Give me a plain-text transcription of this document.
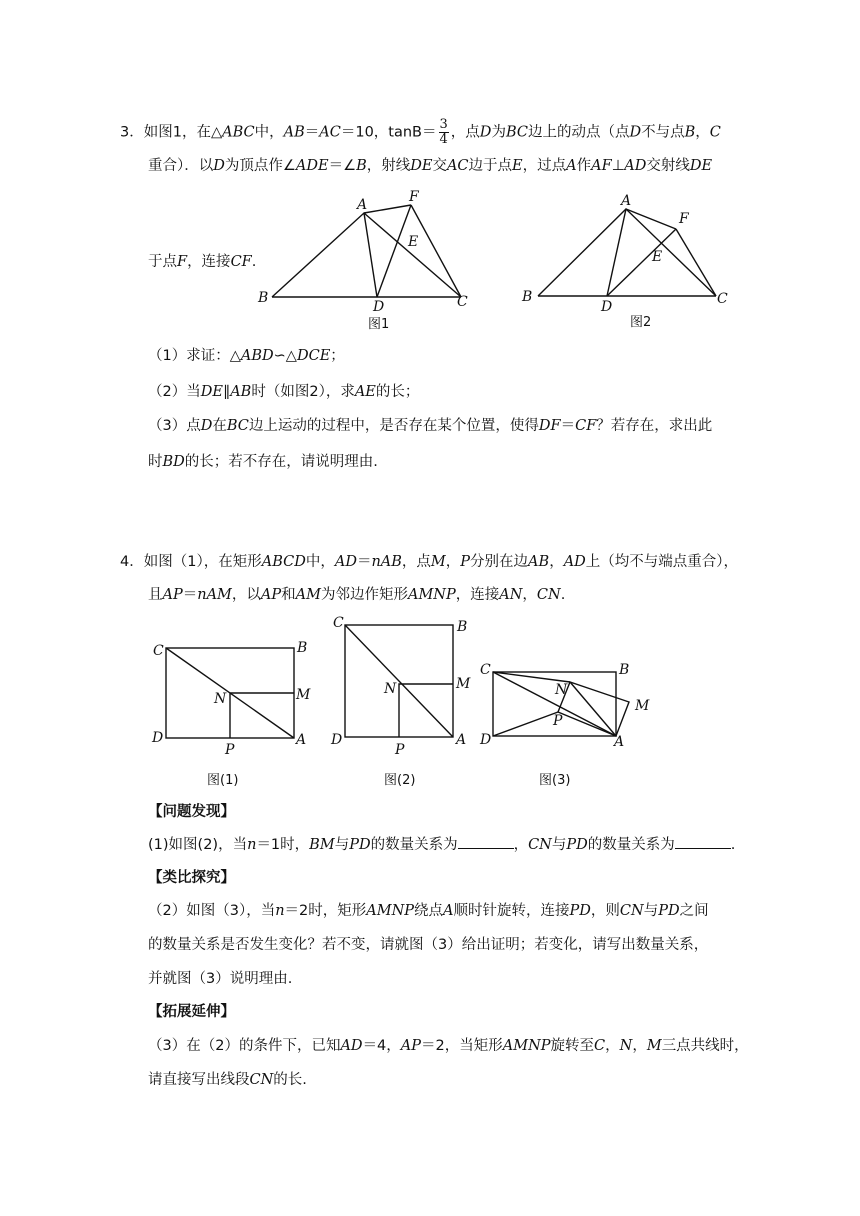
3．如图1，在△ABC中，AB＝AC＝10，$\tan B= \frac{3}{4}$ ，点D为BC边上的动点（点D不与点B，C
重合）．以D为顶点作∠ADE＝∠B，射线DE交AC边于点E，过点A作AF⊥AD交射线DE
于点F，连接CF.
A
B	C
D
E
F
图1
A
B	C
D
E
F
图2
C	B
M
N
D
P
A
图(1)
C	B
M
N
D
P
A
图(2)
C	B
M
N
D
P
A
图(3)
（1）求证：△ABD∽△DCE；
（2）当DE∥AB时（如图2），求AE的长；
（3）点D在BC边上运动的过程中，是否存在某个位置，使得DF＝CF？若存在，求出此
时BD的长；若不存在，请说明理由.
4．如图（1），在矩形ABCD中，AD＝nAB，点M，P分别在边AB，AD上（均不与端点重合），
且AP＝nAM，以AP和AM为邻边作矩形AMNP，连接AN，CN.
【问题发现】
(1)如图(2)，当n＝1时，BM与PD的数量关系为	，CN与PD的数量关系为	.
【类比探究】
（2）如图（3），当n＝2时，矩形AMNP绕点A顺时针旋转，连接PD，则CN与PD之间
的数量关系是否发生变化？若不变，请就图（3）给出证明；若变化，请写出数量关系，
并就图（3）说明理由.
【拓展延伸】
（3）在（2）的条件下，已知AD＝4，AP＝2，当矩形AMNP旋转至C，N，M三点共线时，
请直接写出线段CN的长.
